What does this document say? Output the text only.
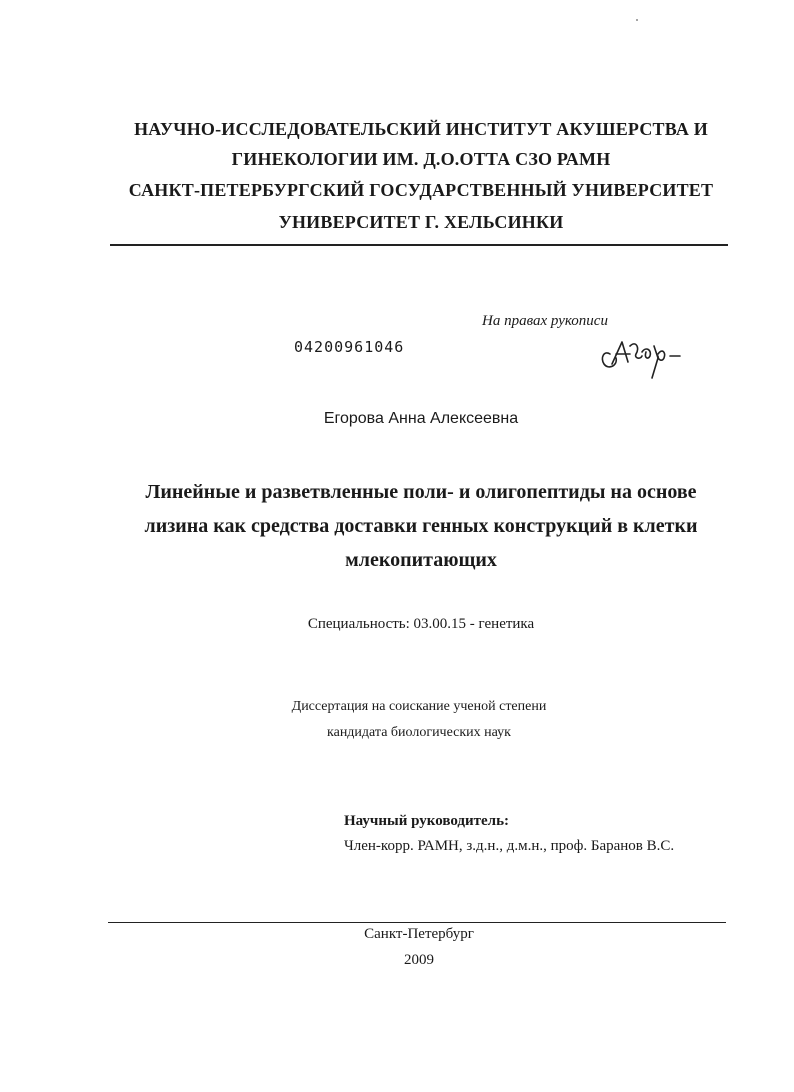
НАУЧНО-ИССЛЕДОВАТЕЛЬСКИЙ ИНСТИТУТ АКУШЕРСТВА И
ГИНЕКОЛОГИИ ИМ. Д.О.ОТТА СЗО РАМН
САНКТ-ПЕТЕРБУРГСКИЙ ГОСУДАРСТВЕННЫЙ УНИВЕРСИТЕТ
УНИВЕРСИТЕТ Г. ХЕЛЬСИНКИ
На правах рукописи
04200961046
Егорова Анна Алексеевна
Линейные и разветвленные поли- и олигопептиды на основе
лизина как средства доставки генных конструкций в клетки
млекопитающих
Специальность: 03.00.15 - генетика
Диссертация на соискание ученой степени
кандидата биологических наук
Научный руководитель:
Член-корр. РАМН, з.д.н., д.м.н., проф. Баранов В.С.
Санкт-Петербург
2009
